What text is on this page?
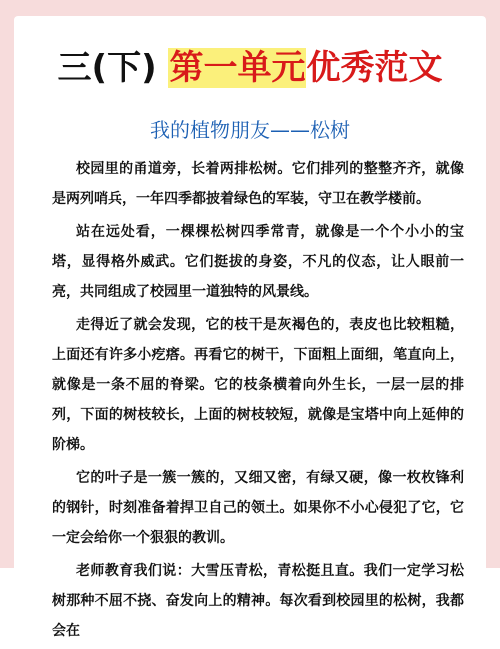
三(下) 第一单元优秀范文
我的植物朋友——松树

校园里的甬道旁，长着两排松树。它们排列的整整齐齐，就像是两列哨兵，一年四季都披着绿色的军装，守卫在教学楼前。

站在远处看，一棵棵松树四季常青，就像是一个个小小的宝塔，显得格外威武。它们挺拔的身姿，不凡的仪态，让人眼前一亮，共同组成了校园里一道独特的风景线。

走得近了就会发现，它的枝干是灰褐色的，表皮也比较粗糙，上面还有许多小疙瘩。再看它的树干，下面粗上面细，笔直向上，就像是一条不屈的脊梁。它的枝条横着向外生长，一层一层的排列，下面的树枝较长，上面的树枝较短，就像是宝塔中向上延伸的阶梯。

它的叶子是一簇一簇的，又细又密，有绿又硬，像一枚枚锋利的钢针，时刻准备着捍卫自己的领土。如果你不小心侵犯了它，它一定会给你一个狠狠的教训。

老师教育我们说：大雪压青松，青松挺且直。我们一定学习松树那种不屈不挠、奋发向上的精神。每次看到校园里的松树，我都会在
